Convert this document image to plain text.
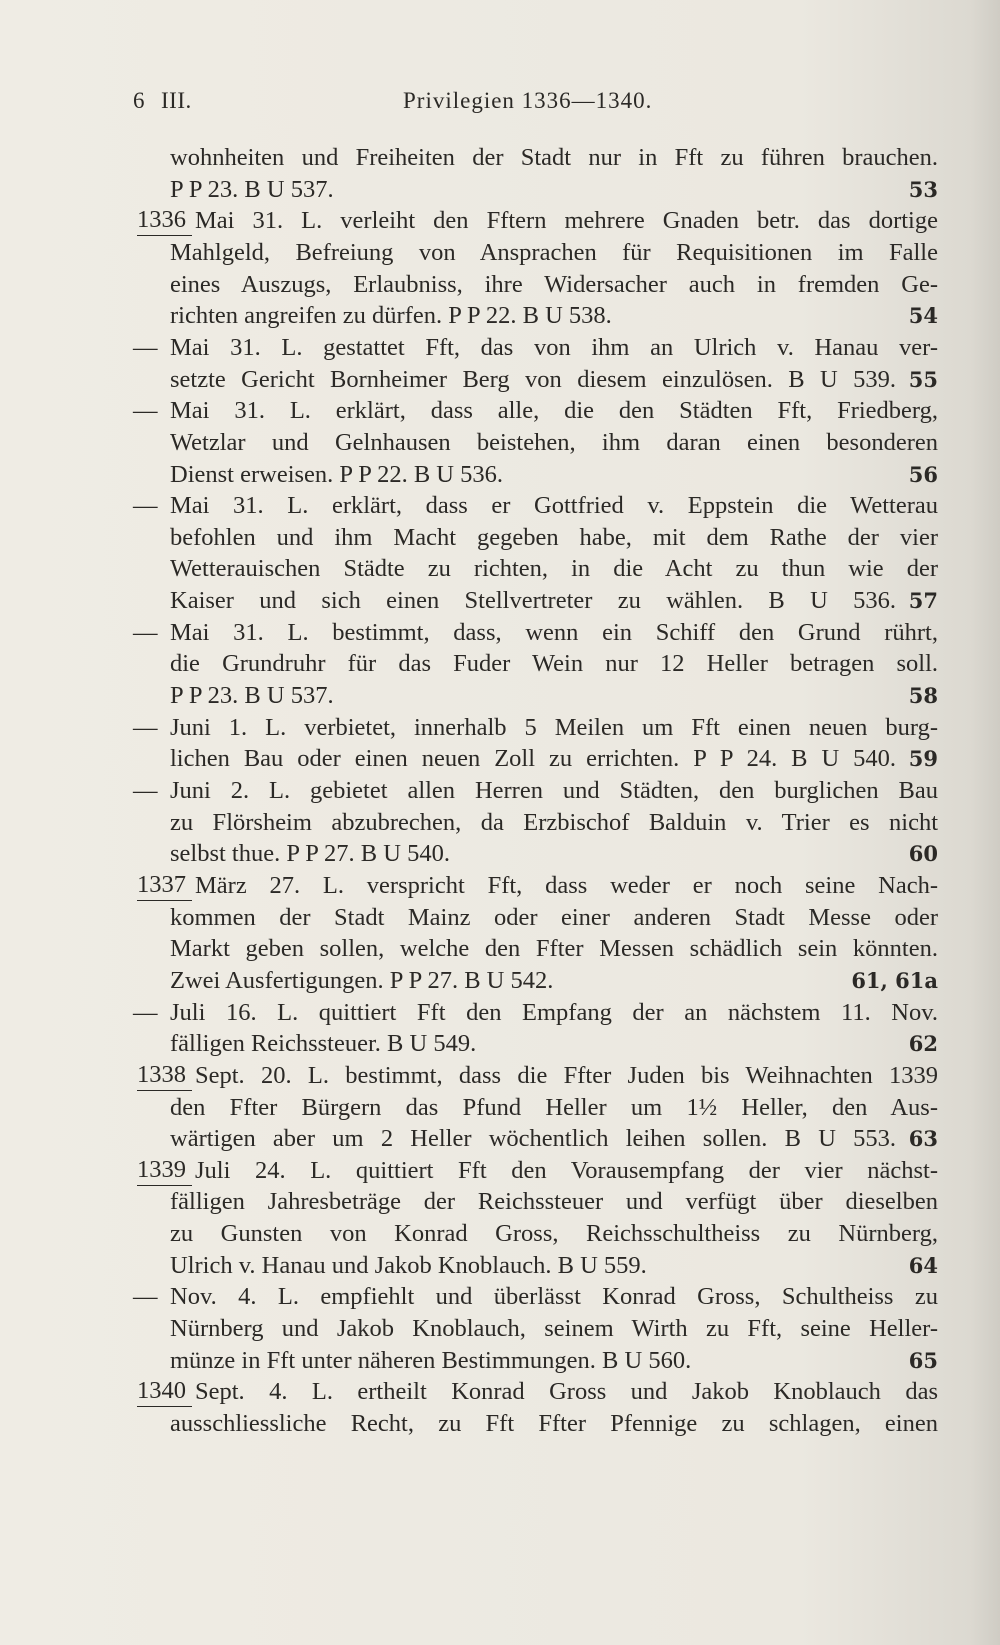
6 III.	Privilegien 1336—1340.
wohnheiten und Freiheiten der Stadt nur in Fft zu führen brauchen.
P P 23. B U 537.	53
1336 Mai 31. L. verleiht den Fftern mehrere Gnaden betr. das dortige
Mahlgeld, Befreiung von Ansprachen für Requisitionen im Falle
eines Auszugs, Erlaubniss, ihre Widersacher auch in fremden Ge-
richten angreifen zu dürfen. P P 22. B U 538.	54
— Mai 31. L. gestattet Fft, das von ihm an Ulrich v. Hanau ver-
setzte Gericht Bornheimer Berg von diesem einzulösen. B U 539. 55
— Mai 31. L. erklärt, dass alle, die den Städten Fft, Friedberg,
Wetzlar und Gelnhausen beistehen, ihm daran einen besonderen
Dienst erweisen. P P 22. B U 536.	56
— Mai 31. L. erklärt, dass er Gottfried v. Eppstein die Wetterau
befohlen und ihm Macht gegeben habe, mit dem Rathe der vier
Wetterauischen Städte zu richten, in die Acht zu thun wie der
Kaiser und sich einen Stellvertreter zu wählen. B U 536. 57
— Mai 31. L. bestimmt, dass, wenn ein Schiff den Grund rührt,
die Grundruhr für das Fuder Wein nur 12 Heller betragen soll.
P P 23. B U 537.	58
— Juni 1. L. verbietet, innerhalb 5 Meilen um Fft einen neuen burg-
lichen Bau oder einen neuen Zoll zu errichten. P P 24. B U 540. 59
— Juni 2. L. gebietet allen Herren und Städten, den burglichen Bau
zu Flörsheim abzubrechen, da Erzbischof Balduin v. Trier es nicht
selbst thue. P P 27. B U 540.	60
1337 März 27. L. verspricht Fft, dass weder er noch seine Nach-
kommen der Stadt Mainz oder einer anderen Stadt Messe oder
Markt geben sollen, welche den Ffter Messen schädlich sein könnten.
Zwei Ausfertigungen. P P 27. B U 542.	61, 61a
— Juli 16. L. quittiert Fft den Empfang der an nächstem 11. Nov.
fälligen Reichssteuer. B U 549.	62
1338 Sept. 20. L. bestimmt, dass die Ffter Juden bis Weihnachten 1339
den Ffter Bürgern das Pfund Heller um 1½ Heller, den Aus-
wärtigen aber um 2 Heller wöchentlich leihen sollen. B U 553. 63
1339 Juli 24. L. quittiert Fft den Vorausempfang der vier nächst-
fälligen Jahresbeträge der Reichssteuer und verfügt über dieselben
zu Gunsten von Konrad Gross, Reichsschultheiss zu Nürnberg,
Ulrich v. Hanau und Jakob Knoblauch. B U 559.	64
— Nov. 4. L. empfiehlt und überlässt Konrad Gross, Schultheiss zu
Nürnberg und Jakob Knoblauch, seinem Wirth zu Fft, seine Heller-
münze in Fft unter näheren Bestimmungen. B U 560.	65
1340 Sept. 4. L. ertheilt Konrad Gross und Jakob Knoblauch das
ausschliessliche Recht, zu Fft Ffter Pfennige zu schlagen, einen
